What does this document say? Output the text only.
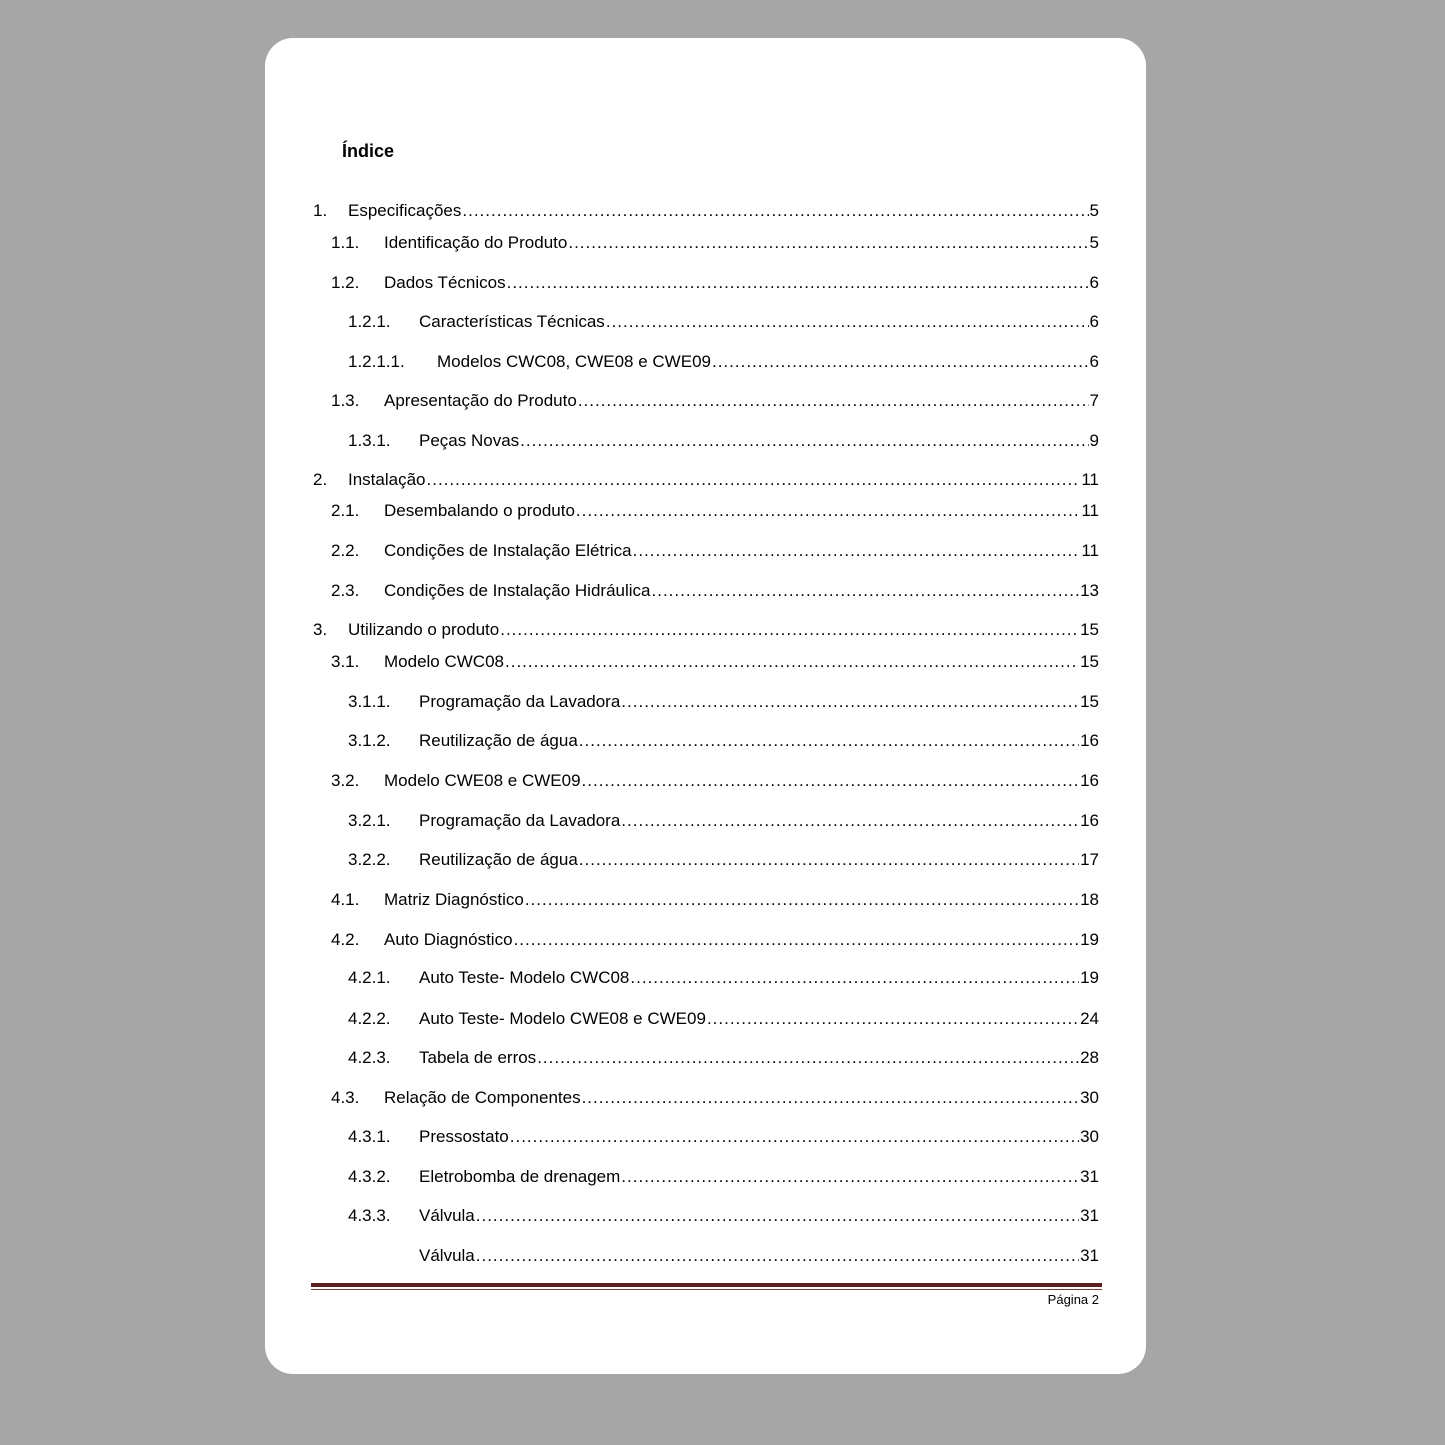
Índice
1.	Especificações .....	5
1.1.	Identificação do Produto .....	5
1.2.	Dados Técnicos .....	6
1.2.1.	Características Técnicas .....	6
1.2.1.1.	Modelos CWC08, CWE08 e CWE09 .....	6
1.3.	Apresentação do Produto .....	7
1.3.1.	Peças Novas .....	9
2.	Instalação .....	11
2.1.	Desembalando o produto .....	11
2.2.	Condições de Instalação Elétrica .....	11
2.3.	Condições de Instalação Hidráulica .....	13
3.	Utilizando o produto .....	15
3.1.	Modelo CWC08 .....	15
3.1.1.	Programação da Lavadora .....	15
3.1.2.	Reutilização de água .....	16
3.2.	Modelo CWE08 e CWE09 .....	16
3.2.1.	Programação da Lavadora .....	16
3.2.2.	Reutilização de água .....	17
4.1.	Matriz Diagnóstico .....	18
4.2.	Auto Diagnóstico .....	19
4.2.1.	Auto Teste- Modelo CWC08 .....	19
4.2.2.	Auto Teste- Modelo CWE08 e CWE09 .....	24
4.2.3.	Tabela de erros .....	28
4.3.	Relação de Componentes .....	30
4.3.1.	Pressostato .....	30
4.3.2.	Eletrobomba de drenagem .....	31
4.3.3.	Válvula .....	31
Válvula .....	31
Página 2
